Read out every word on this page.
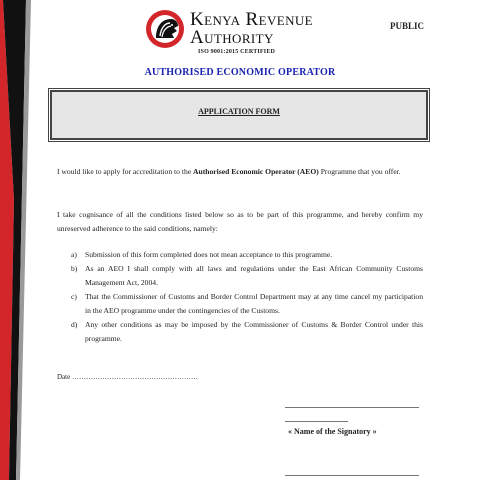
Kenya Revenue
Authority
ISO 9001:2015 CERTIFIED
PUBLIC
AUTHORISED ECONOMIC OPERATOR
APPLICATION FORM
I would like to apply for accreditation to the Authorised Economic Operator (AEO) Programme that you offer.
I take cognisance of all the conditions listed below so as to be part of this programme, and hereby confirm my unreserved adherence to the said conditions, namely:
a) Submission of this form completed does not mean acceptance to this programme.
b) As an AEO I shall comply with all laws and regulations under the East African Community Customs Management Act, 2004.
c) That the Commissioner of Customs and Border Control Department may at any time cancel my participation in the AEO programme under the contingencies of the Customs.
d) Any other conditions as may be imposed by the Commissioner of Customs & Border Control under this programme.
Date ………………………………………………
« Name of the Signatory »
